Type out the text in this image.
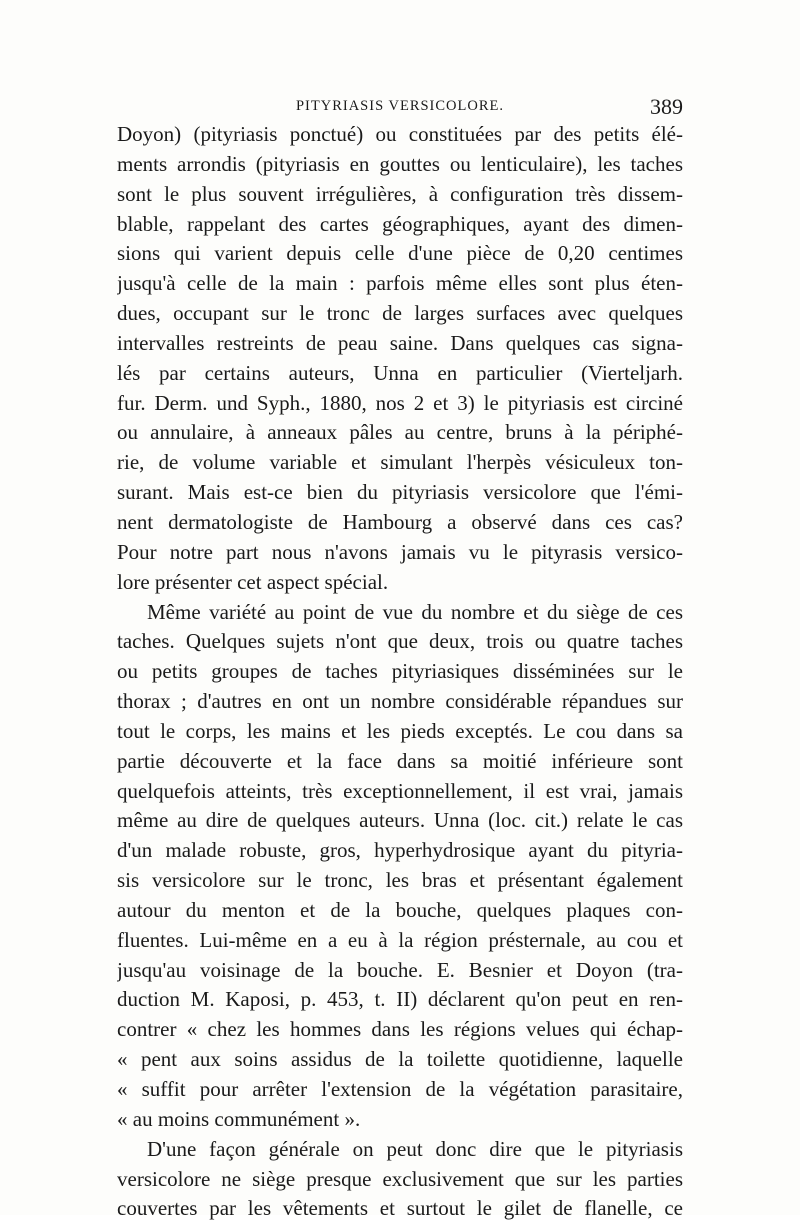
PITYRIASIS VERSICOLORE.	389
Doyon) (pityriasis ponctué) ou constituées par des petits élé-
ments arrondis (pityriasis en gouttes ou lenticulaire), les taches
sont le plus souvent irrégulières, à configuration très dissem-
blable, rappelant des cartes géographiques, ayant des dimen-
sions qui varient depuis celle d'une pièce de 0,20 centimes
jusqu'à celle de la main : parfois même elles sont plus éten-
dues, occupant sur le tronc de larges surfaces avec quelques
intervalles restreints de peau saine. Dans quelques cas signa-
lés par certains auteurs, Unna en particulier (Vierteljarh.
fur. Derm. und Syph., 1880, nos 2 et 3) le pityriasis est circiné
ou annulaire, à anneaux pâles au centre, bruns à la périphé-
rie, de volume variable et simulant l'herpès vésiculeux ton-
surant. Mais est-ce bien du pityriasis versicolore que l'émi-
nent dermatologiste de Hambourg a observé dans ces cas?
Pour notre part nous n'avons jamais vu le pityrasis versico-
lore présenter cet aspect spécial.
Même variété au point de vue du nombre et du siège de ces
taches. Quelques sujets n'ont que deux, trois ou quatre taches
ou petits groupes de taches pityriasiques disséminées sur le
thorax ; d'autres en ont un nombre considérable répandues sur
tout le corps, les mains et les pieds exceptés. Le cou dans sa
partie découverte et la face dans sa moitié inférieure sont
quelquefois atteints, très exceptionnellement, il est vrai, jamais
même au dire de quelques auteurs. Unna (loc. cit.) relate le cas
d'un malade robuste, gros, hyperhydrosique ayant du pityria-
sis versicolore sur le tronc, les bras et présentant également
autour du menton et de la bouche, quelques plaques con-
fluentes. Lui-même en a eu à la région présternale, au cou et
jusqu'au voisinage de la bouche. E. Besnier et Doyon (tra-
duction M. Kaposi, p. 453, t. II) déclarent qu'on peut en ren-
contrer « chez les hommes dans les régions velues qui échap-
« pent aux soins assidus de la toilette quotidienne, laquelle
« suffit pour arrêter l'extension de la végétation parasitaire,
« au moins communément ».
D'une façon générale on peut donc dire que le pityriasis
versicolore ne siège presque exclusivement que sur les parties
couvertes par les vêtements et surtout le gilet de flanelle, ce
